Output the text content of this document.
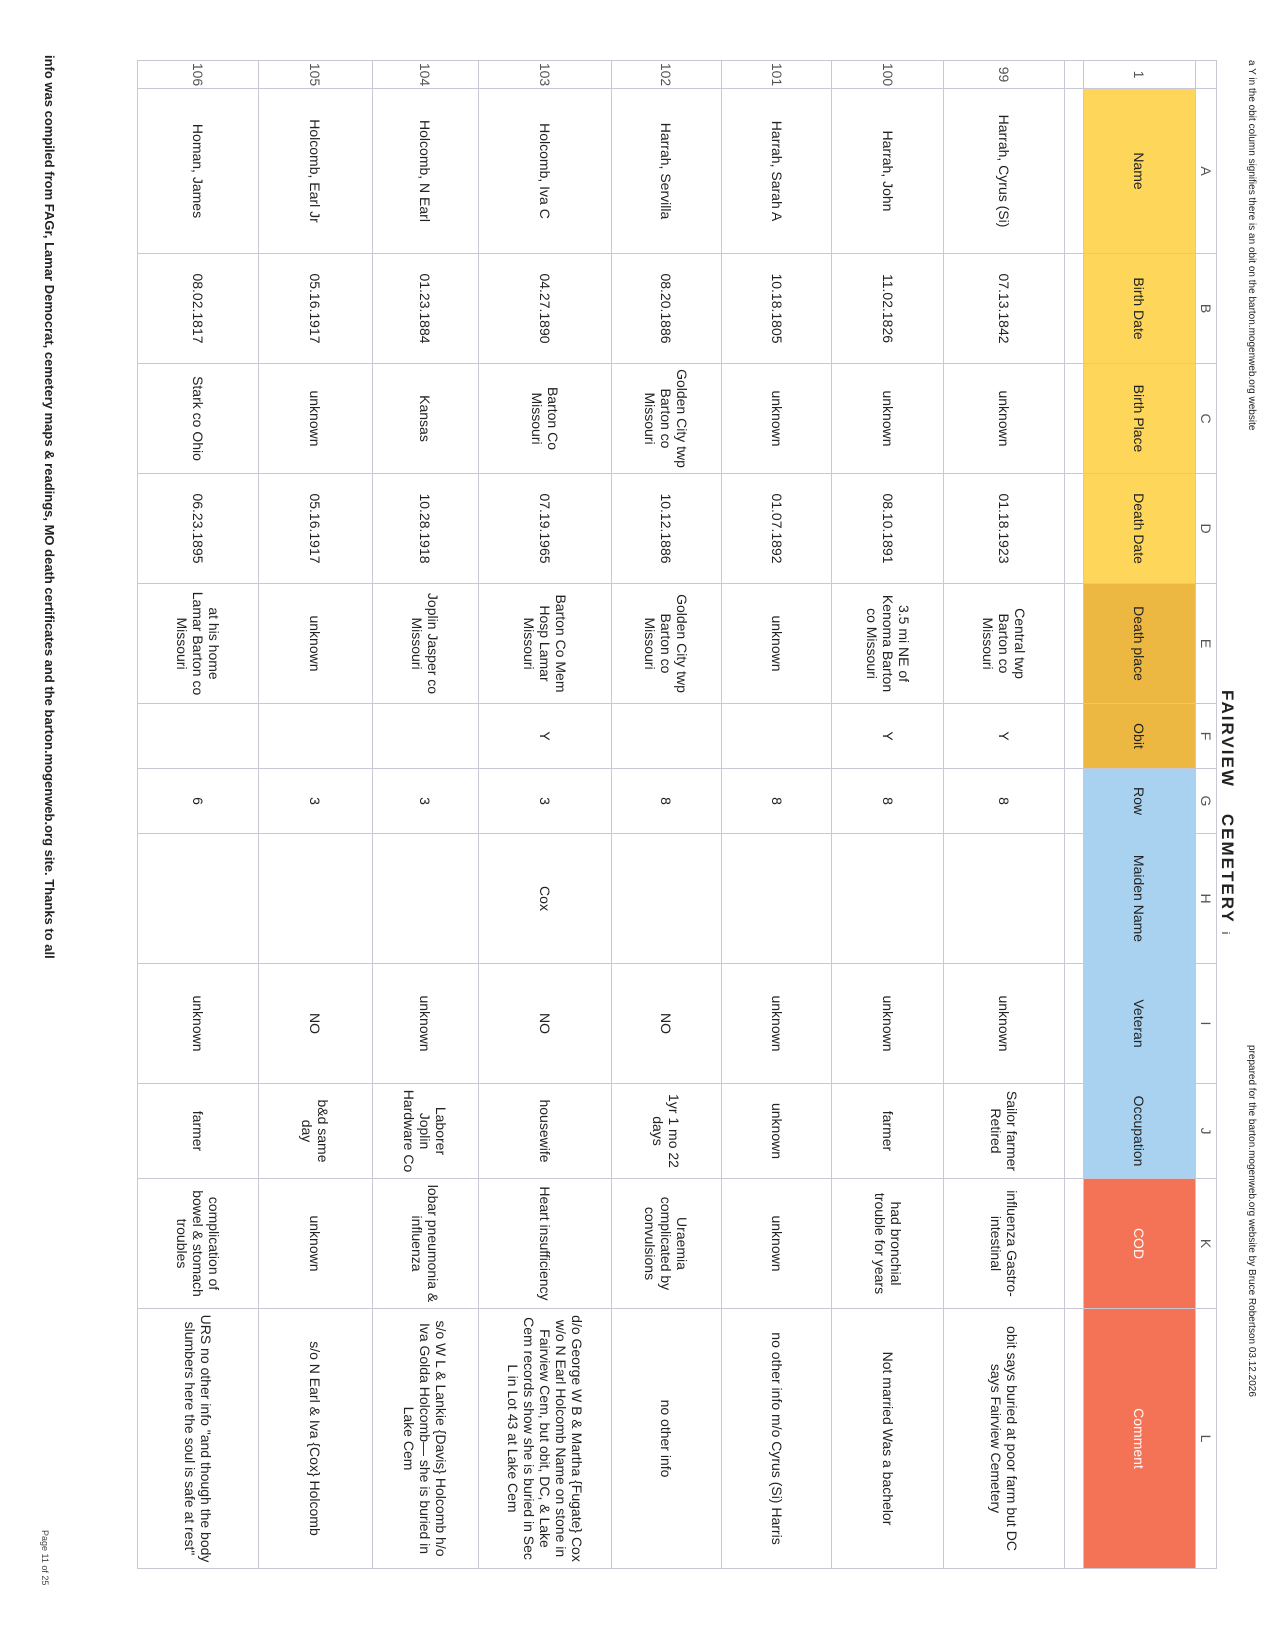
a Y in the obit column signifies there is an obit on the barton.mogenweb.org website
prepared for the barton.mogenweb.org website by Bruce Robertson 03.12.2026
FAIRVIEWCEMETERYi
	A	B	C	D	E	F	G	H	I	J	K	L
1	Name	Birth Date	Birth Place	Death Date	Death place	Obit	Row	Maiden Name	Veteran	Occupation	COD	Comment

99	Harrah, Cyrus (Si)	07.13.1842	unknown	01.18.1923	Central twp Barton co Missouri	Y	8		unknown	Sailor farmer Retired	influenza Gastro-intestinal	obit says buried at poor farm but DC says Fairview Cemetery
100	Harrah, John	11.02.1826	unknown	08.10.1891	3.5 mi NE of Kenoma Barton co Missouri	Y	8		unknown	farmer	had bronchial trouble for years	Not married Was a bachelor
101	Harrah, Sarah A	10.18.1805	unknown	01.07.1892	unknown		8		unknown	unknown	unknown	no other info m/o Cyrus (Si) Harris
102	Harrah, Servilla	08.20.1886	Golden City twp Barton co Missouri	10.12.1886	Golden City twp Barton co Missouri		8		NO	1yr 1 mo 22 days	Uraemia complicated by convulsions	no other info
103	Holcomb, Iva C	04.27.1890	Barton Co Missouri	07.19.1965	Barton Co Mem Hosp Lamar Missouri	Y	3	Cox	NO	housewife	Heart insufficiency	d/o George W B & Martha {Fugate} Cox w/o N Earl Holcomb Name on stone in Fairview Cem, but obit, DC, & Lake Cem records show she is buried in Sec L in Lot 43 at Lake Cem
104	Holcomb, N Earl	01.23.1884	Kansas	10.28.1918	Joplin Jasper co Missouri		3		unknown	Laborer Joplin Hardware Co	lobar pneumonia & influenza	s/o W L & Lankie {Davis} Holcomb h/o Iva Golda Holcomb— she is buried in Lake Cem
105	Holcomb, Earl Jr	05.16.1917	unknown	05.16.1917	unknown		3		NO	b&d same day	unknown	s/o N Earl & Iva {Cox} Holcomb
106	Homan, James	08.02.1817	Stark co Ohio	06.23.1895	at his home Lamar Barton co Missouri		6		unknown	farmer	complication of bowel & stomach troubles	URS no other info "and though the body slumbers here the soul is safe at rest"
info was compiled from FAGr, Lamar Democrat, cemetery maps & readings, MO death certificates and the barton.mogenweb.org site. Thanks to all
Page 11 of 25
